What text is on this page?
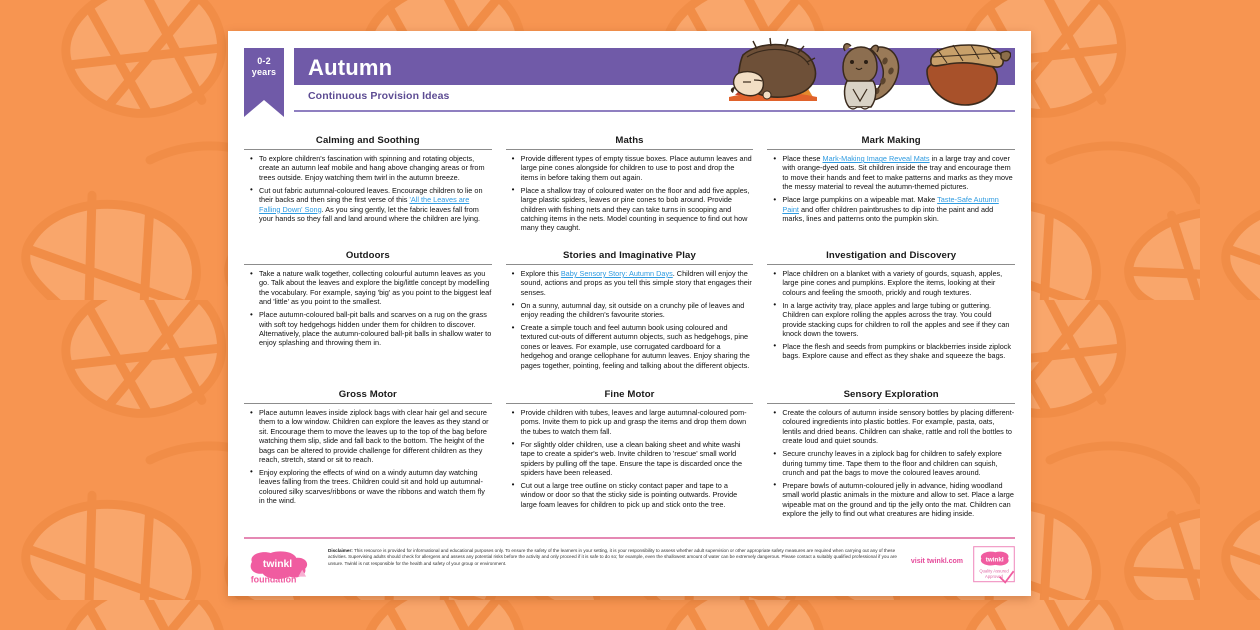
0-2
years	Autumn
Continuous Provision Ideas
Calming and Soothing
• To explore children's fascination with spinning and rotating objects, create an autumn leaf mobile and hang above changing areas or from trees outside. Enjoy watching them twirl in the autumn breeze.
• Cut out fabric autumnal-coloured leaves. Encourage children to lie on their backs and then sing the first verse of this 'All the Leaves are Falling Down' Song. As you sing gently, let the fabric leaves fall from your hands so they fall and land around where the children are lying.
Outdoors
• Take a nature walk together, collecting colourful autumn leaves as you go. Talk about the leaves and explore the big/little concept by modelling the vocabulary. For example, saying 'big' as you point to the biggest leaf and 'little' as you point to the smallest.
• Place autumn-coloured ball-pit balls and scarves on a rug on the grass with soft toy hedgehogs hidden under them for children to discover. Alternatively, place the autumn-coloured ball-pit balls in shallow water to enjoy splashing and throwing them in.
Gross Motor
• Place autumn leaves inside ziplock bags with clear hair gel and secure them to a low window. Children can explore the leaves as they stand or sit. Encourage them to move the leaves up to the top of the bag before watching them slip, slide and fall back to the bottom. The height of the bags can be altered to provide challenge for different children as they reach, stretch, stand or sit to reach.
• Enjoy exploring the effects of wind on a windy autumn day watching leaves falling from the trees. Children could sit and hold up autumnal-coloured silky scarves/ribbons or wave the ribbons and watch them fly in the wind.
Maths
• Provide different types of empty tissue boxes. Place autumn leaves and large pine cones alongside for children to use to post and drop the items in before taking them out again.
• Place a shallow tray of coloured water on the floor and add five apples, large plastic spiders, leaves or pine cones to bob around. Provide children with fishing nets and they can take turns in scooping and catching items in the nets. Model counting in sequence to find out how many they caught.
Stories and Imaginative Play
• Explore this Baby Sensory Story: Autumn Days. Children will enjoy the sound, actions and props as you tell this simple story that engages their senses.
• On a sunny, autumnal day, sit outside on a crunchy pile of leaves and enjoy reading the children's favourite stories.
• Create a simple touch and feel autumn book using coloured and textured cut-outs of different autumn objects, such as hedgehogs, pine cones or leaves. For example, use corrugated cardboard for a hedgehog and orange cellophane for autumn leaves. Enjoy sharing the pages together, pointing, feeling and talking about the different objects.
Fine Motor
• Provide children with tubes, leaves and large autumnal-coloured pom-poms. Invite them to pick up and grasp the items and drop them down the tubes to watch them fall.
• For slightly older children, use a clean baking sheet and white washi tape to create a spider's web. Invite children to 'rescue' small world spiders by pulling off the tape. Ensure the tape is discarded once the spiders have been released.
• Cut out a large tree outline on sticky contact paper and tape to a window or door so that the sticky side is pointing outwards. Provide large foam leaves for children to pick up and stick onto the tree.
Mark Making
• Place these Mark-Making Image Reveal Mats in a large tray and cover with orange-dyed oats. Sit children inside the tray and encourage them to move their hands and feet to make patterns and marks as they move the messy material to reveal the autumn-themed pictures.
• Place large pumpkins on a wipeable mat. Make Taste-Safe Autumn Paint and offer children paintbrushes to dip into the paint and add marks, lines and patterns onto the pumpkin skin.
Investigation and Discovery
• Place children on a blanket with a variety of gourds, squash, apples, large pine cones and pumpkins. Explore the items, looking at their colours and feeling the smooth, prickly and rough textures.
• In a large activity tray, place apples and large tubing or guttering. Children can explore rolling the apples across the tray. You could provide stacking cups for children to roll the apples and see if they can knock down the towers.
• Place the flesh and seeds from pumpkins or blackberries inside ziplock bags. Explore cause and effect as they shake and squeeze the bags.
Sensory Exploration
• Create the colours of autumn inside sensory bottles by placing different-coloured ingredients into plastic bottles. For example, pasta, oats, lentils and dried beans. Children can shake, rattle and roll the bottles to create loud and quiet sounds.
• Secure crunchy leaves in a ziplock bag for children to safely explore during tummy time. Tape them to the floor and children can squish, crunch and pat the bags to move the coloured leaves around.
• Prepare bowls of autumn-coloured jelly in advance, hiding woodland small world plastic animals in the mixture and allow to set. Place a large wipeable mat on the ground and tip the jelly onto the mat. Children can explore the jelly to find out what creatures are hiding inside.
twinkl
foundation
Disclaimer: This resource is provided for informational and educational purposes only. To ensure the safety of the learners in your setting, it is your responsibility to assess whether adult supervision or other appropriate safety measures are required when carrying out any of these activities. Supervising adults should check for allergens and assess any potential risks before the activity and only proceed if it is safe to do so; for example, even the shallowest amount of water can be extremely dangerous. Please contact a suitably qualified professional if you are unsure. Twinkl is not responsible for the health and safety of your group or environment.	visit twinkl.com	twinkl
Quality Assured
Approved
